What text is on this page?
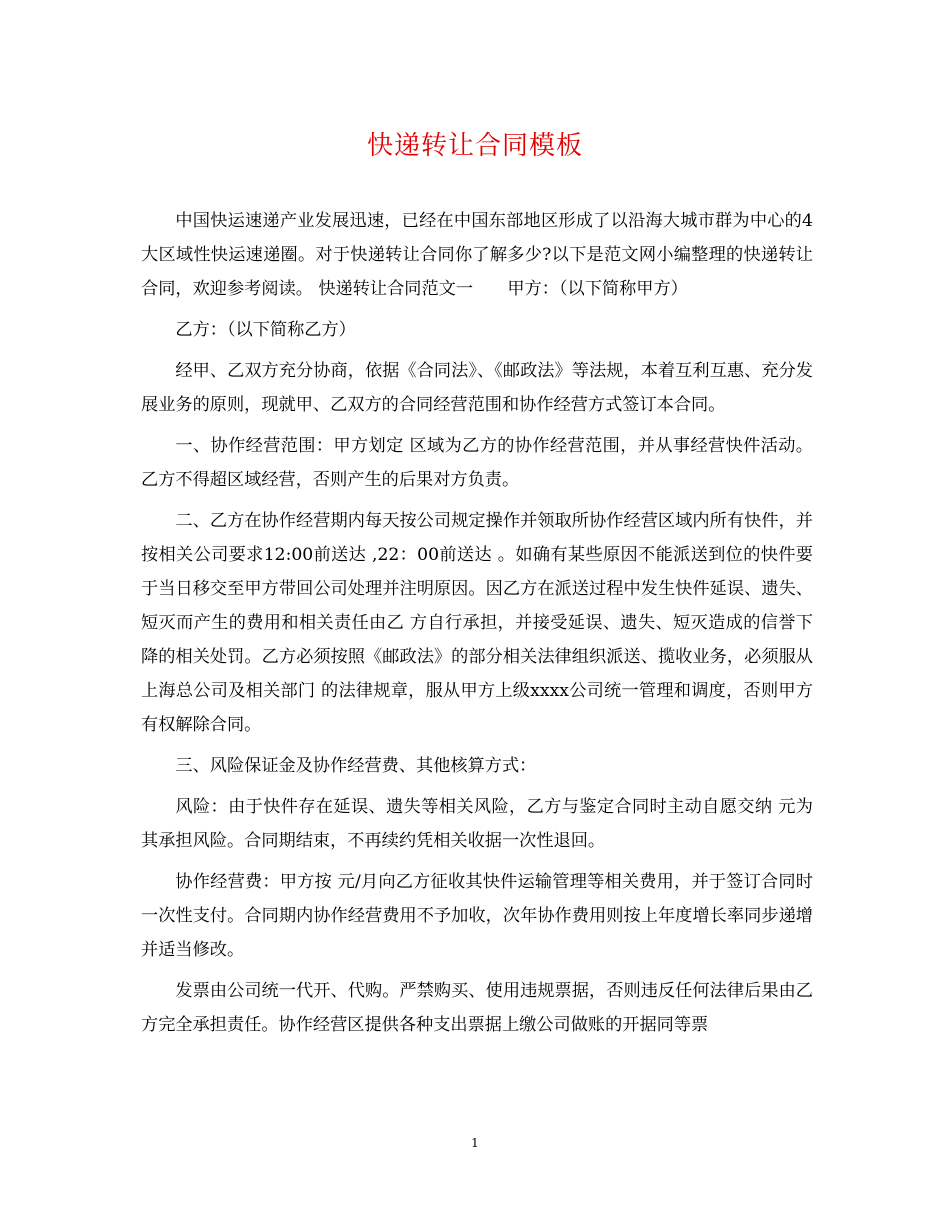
快递转让合同模板

中国快运速递产业发展迅速，已经在中国东部地区形成了以沿海大城市群为中心的4大区域性快运速递圈。对于快递转让合同你了解多少?以下是范文网小编整理的快递转让合同，欢迎参考阅读。 快递转让合同范文一　　甲方：（以下简称甲方）

乙方：（以下简称乙方）

经甲、乙双方充分协商，依据《合同法》、《邮政法》等法规，本着互利互惠、充分发展业务的原则，现就甲、乙双方的合同经营范围和协作经营方式签订本合同。

一、协作经营范围：甲方划定 区域为乙方的协作经营范围，并从事经营快件活动。乙方不得超区域经营，否则产生的后果对方负责。

二、乙方在协作经营期内每天按公司规定操作并领取所协作经营区域内所有快件，并按相关公司要求12:00前送达 ,22：00前送达 。如确有某些原因不能派送到位的快件要于当日移交至甲方带回公司处理并注明原因。因乙方在派送过程中发生快件延误、遗失、短灭而产生的费用和相关责任由乙 方自行承担，并接受延误、遗失、短灭造成的信誉下降的相关处罚。乙方必须按照《邮政法》的部分相关法律组织派送、揽收业务，必须服从上海总公司及相关部门 的法律规章，服从甲方上级xxxx公司统一管理和调度，否则甲方有权解除合同。

三、风险保证金及协作经营费、其他核算方式：

风险：由于快件存在延误、遗失等相关风险，乙方与鉴定合同时主动自愿交纳 元为其承担风险。合同期结束，不再续约凭相关收据一次性退回。

协作经营费：甲方按 元/月向乙方征收其快件运输管理等相关费用，并于签订合同时一次性支付。合同期内协作经营费用不予加收，次年协作费用则按上年度增长率同步递增并适当修改。

发票由公司统一代开、代购。严禁购买、使用违规票据，否则违反任何法律后果由乙方完全承担责任。协作经营区提供各种支出票据上缴公司做账的开据同等票

1
